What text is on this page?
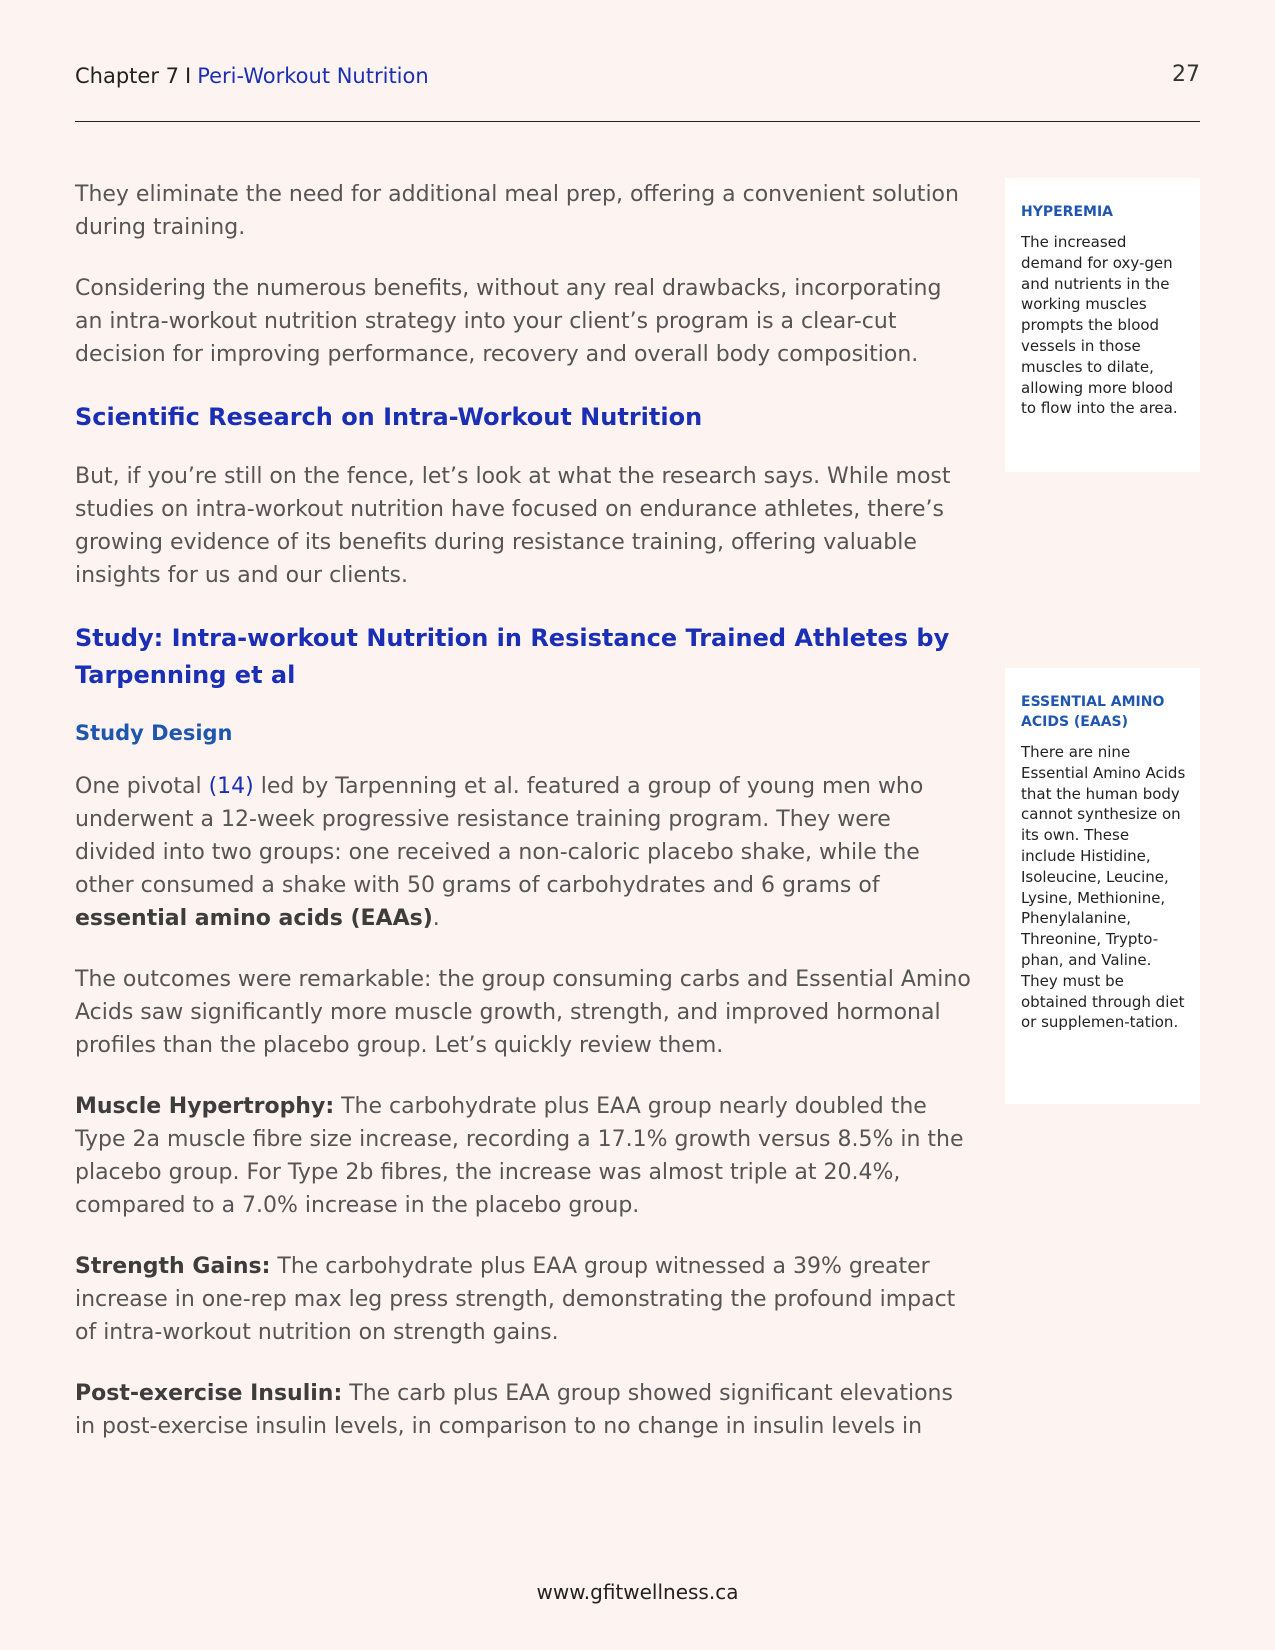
Chapter 7 I Peri-Workout Nutrition	27

They eliminate the need for additional meal prep, offering a convenient solution during training.

Considering the numerous benefits, without any real drawbacks, incorporating an intra-workout nutrition strategy into your client’s program is a clear-cut decision for improving performance, recovery and overall body composition.

Scientific Research on Intra-Workout Nutrition

But, if you’re still on the fence, let’s look at what the research says. While most studies on intra-workout nutrition have focused on endurance athletes, there’s growing evidence of its benefits during resistance training, offering valuable insights for us and our clients.

Study: Intra-workout Nutrition in Resistance Trained Athletes by Tarpenning et al
Study Design

One pivotal (14) led by Tarpenning et al. featured a group of young men who underwent a 12-week progressive resistance training program. They were divided into two groups: one received a non-caloric placebo shake, while the other consumed a shake with 50 grams of carbohydrates and 6 grams of essential amino acids (EAAs).

The outcomes were remarkable: the group consuming carbs and Essential Amino Acids saw significantly more muscle growth, strength, and improved hormonal profiles than the placebo group. Let’s quickly review them.

Muscle Hypertrophy: The carbohydrate plus EAA group nearly doubled the Type 2a muscle fibre size increase, recording a 17.1% growth versus 8.5% in the placebo group. For Type 2b fibres, the increase was almost triple at 20.4%, compared to a 7.0% increase in the placebo group.

Strength Gains: The carbohydrate plus EAA group witnessed a 39% greater increase in one-rep max leg press strength, demonstrating the profound impact of intra-workout nutrition on strength gains.

Post-exercise Insulin: The carb plus EAA group showed significant elevations in post-exercise insulin levels, in comparison to no change in insulin levels in

HYPEREMIA
The increased demand for oxy-gen and nutrients in the working muscles prompts the blood vessels in those muscles to dilate, allowing more blood to flow into the area.
ESSENTIAL AMINO ACIDS (EAAS)
There are nine Essential Amino Acids that the human body cannot synthesize on its own. These include Histidine, Isoleucine, Leucine, Lysine, Methionine, Phenylalanine, Threonine, Trypto-phan, and Valine. They must be obtained through diet or supplemen-tation.
www.gfitwellness.ca
